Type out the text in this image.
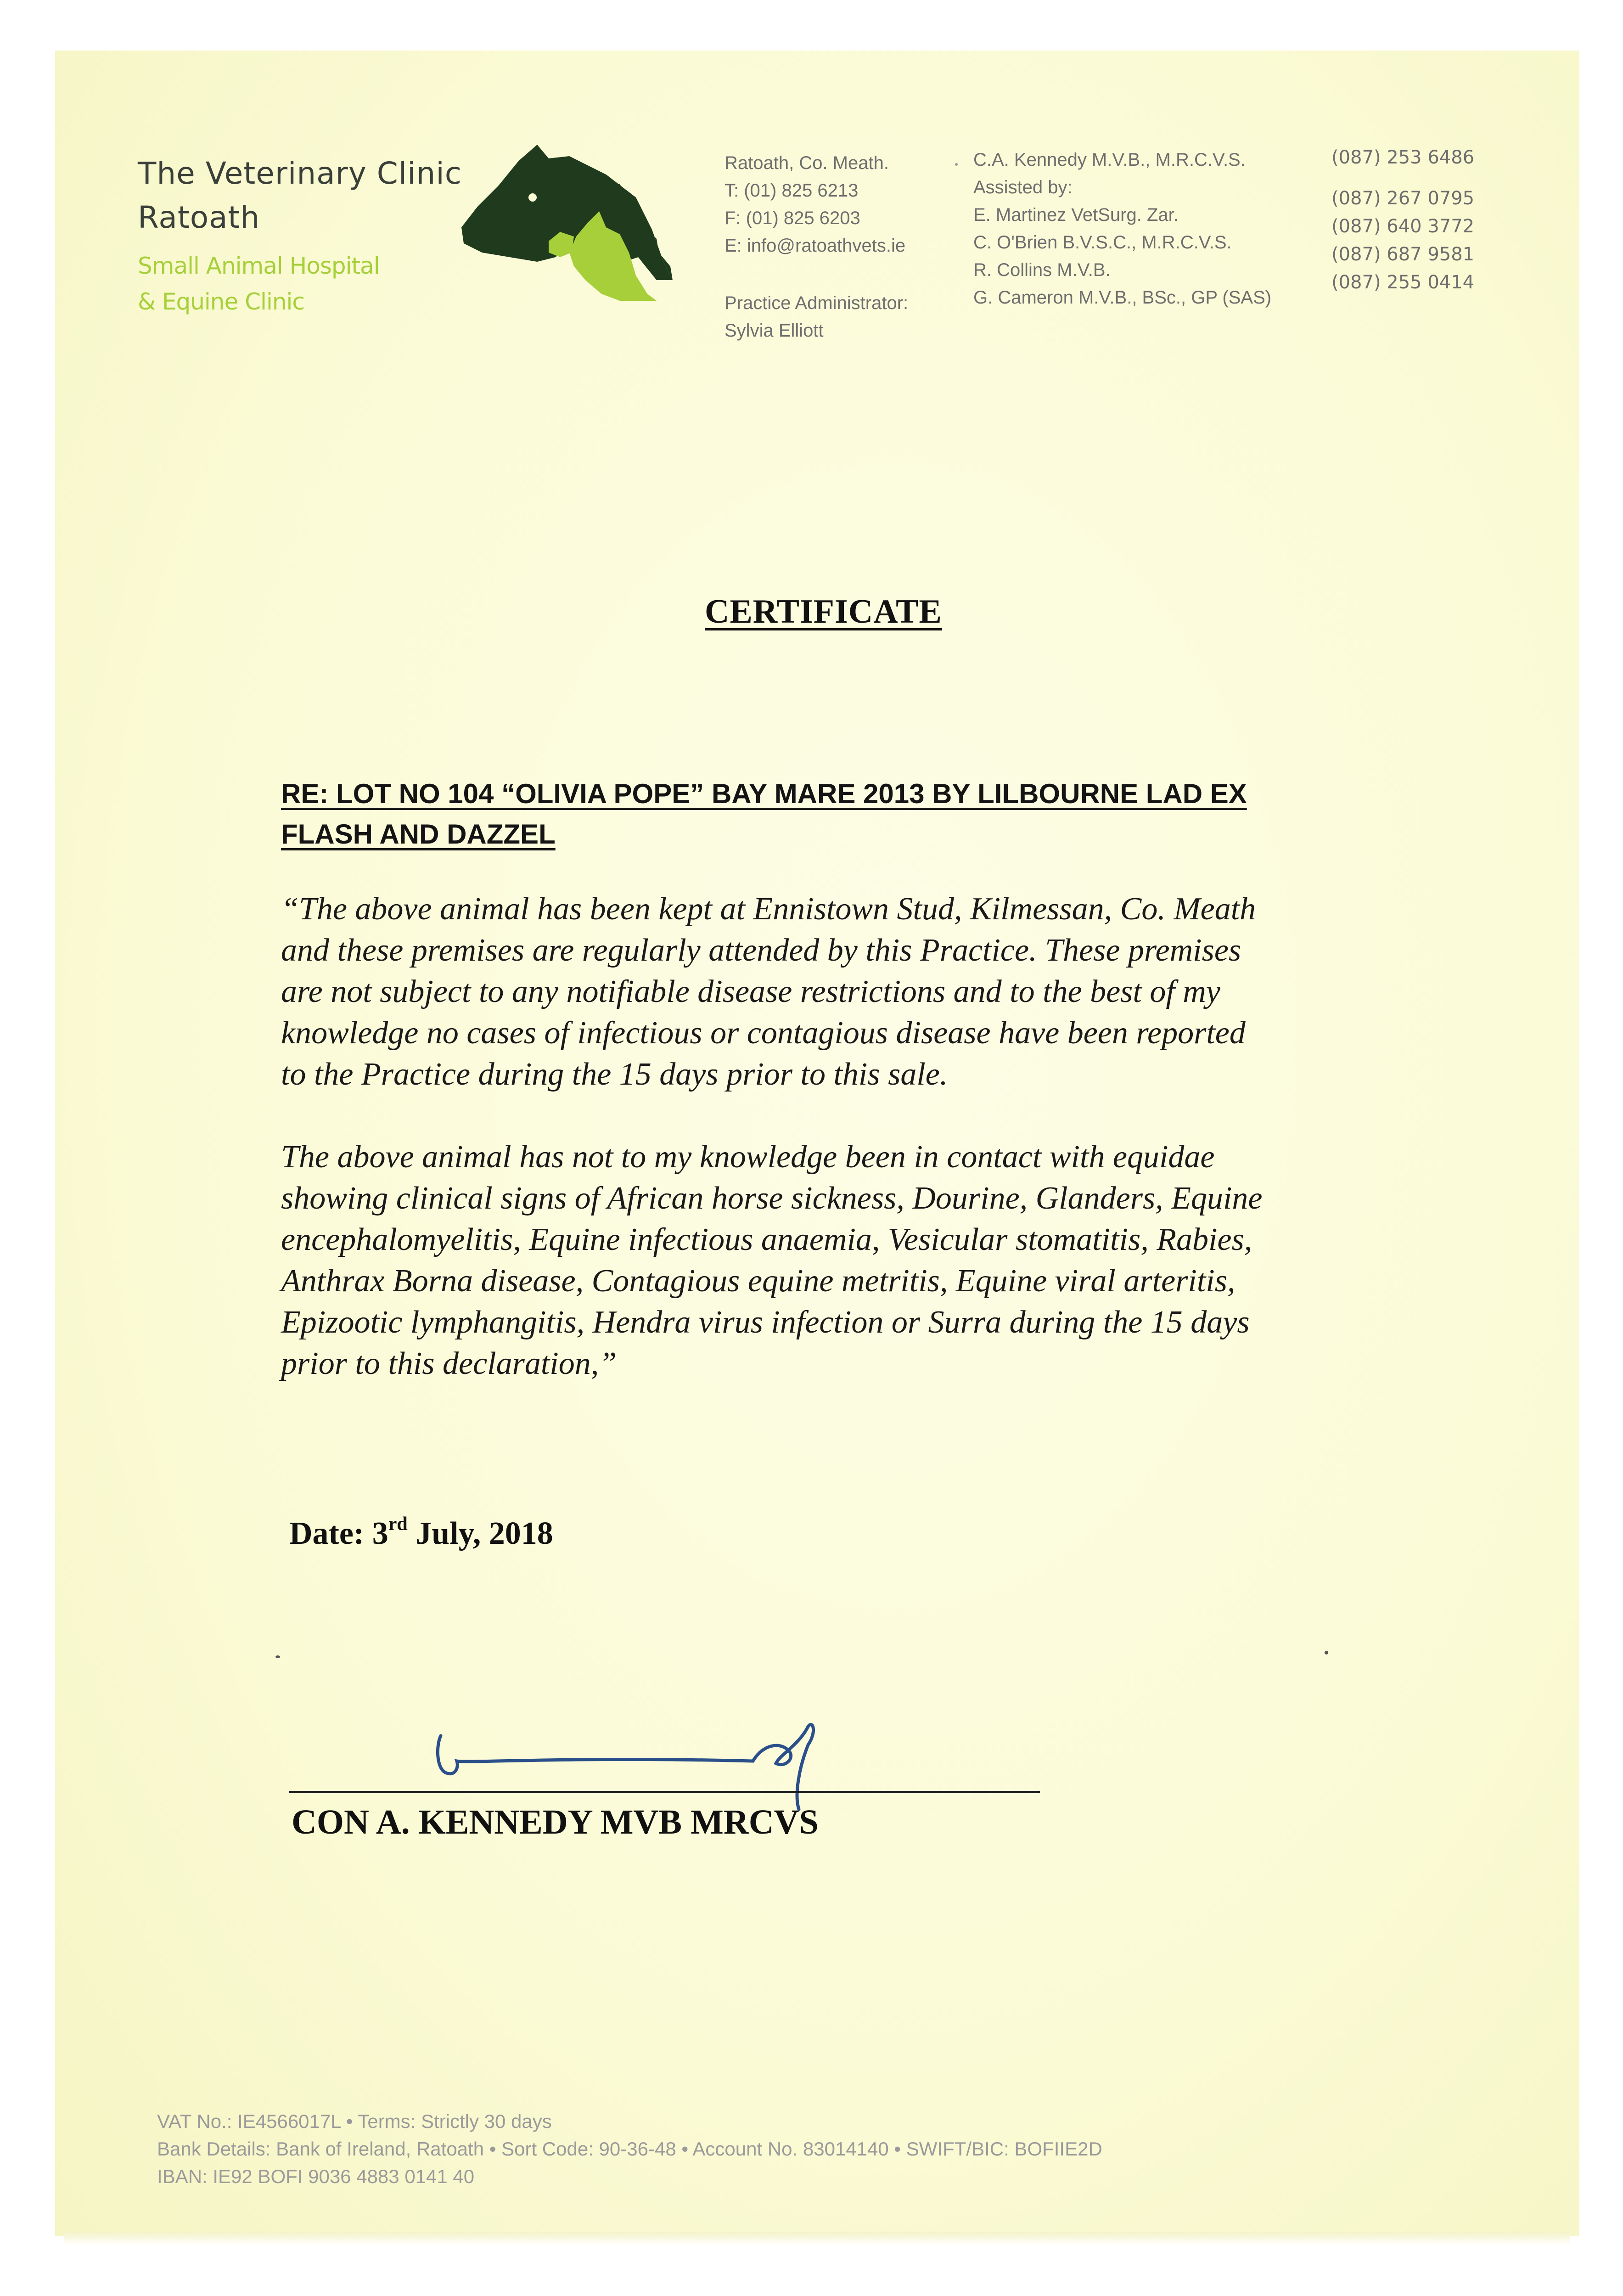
The Veterinary Clinic
Ratoath
Small Animal Hospital
& Equine Clinic
Ratoath, Co. Meath.
T: (01) 825 6213
F: (01) 825 6203
E: info@ratoathvets.ie
Practice Administrator:
Sylvia Elliott
C.A. Kennedy M.V.B., M.R.C.V.S.
Assisted by:
E. Martinez VetSurg. Zar.
C. O'Brien B.V.S.C., M.R.C.V.S.
R. Collins M.V.B.
G. Cameron M.V.B., BSc., GP (SAS)
(087) 253 6486
(087) 267 0795
(087) 640 3772
(087) 687 9581
(087) 255 0414
CERTIFICATE
RE: LOT NO 104 “OLIVIA POPE” BAY MARE 2013 BY LILBOURNE LAD EX
FLASH AND DAZZEL
“The above animal has been kept at Ennistown Stud, Kilmessan, Co. Meath
and these premises are regularly attended by this Practice. These premises
are not subject to any notifiable disease restrictions and to the best of my
knowledge no cases of infectious or contagious disease have been reported
to the Practice during the 15 days prior to this sale.
The above animal has not to my knowledge been in contact with equidae
showing clinical signs of African horse sickness, Dourine, Glanders, Equine
encephalomyelitis, Equine infectious anaemia, Vesicular stomatitis, Rabies,
Anthrax Borna disease, Contagious equine metritis, Equine viral arteritis,
Epizootic lymphangitis, Hendra virus infection or Surra during the 15 days
prior to this declaration,”
Date: 3rd July, 2018
CON A. KENNEDY MVB MRCVS
VAT No.: IE4566017L • Terms: Strictly 30 days
Bank Details: Bank of Ireland, Ratoath • Sort Code: 90-36-48 • Account No. 83014140 • SWIFT/BIC: BOFIIE2D
IBAN: IE92 BOFI 9036 4883 0141 40
